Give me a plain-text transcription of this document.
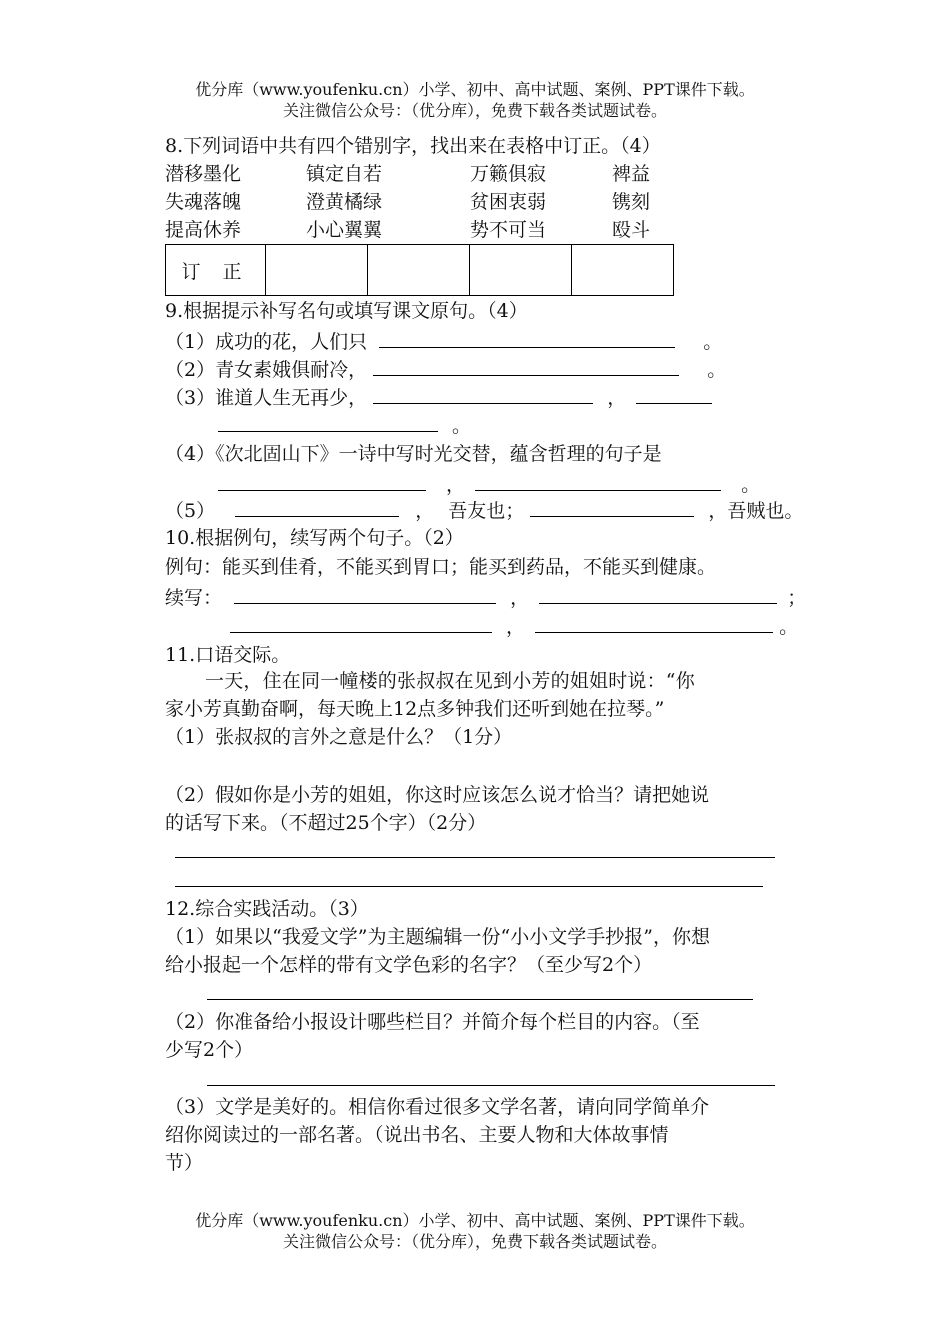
优分库（www.youfenku.cn）小学、初中、高中试题、案例、PPT课件下载。
关注微信公众号：（优分库），免费下载各类试题试卷。
8.下列词语中共有四个错别字，找出来在表格中订正。（4）
潜移墨化	镇定自若	万籁俱寂	裨益
失魂落魄	澄黄橘绿	贫困衷弱	镌刻
提高休养	小心翼翼	势不可当	殴斗
订 正				
9.根据提示补写名句或填写课文原句。（4）
（1）成功的花，人们只	。
（2）青女素娥俱耐冷，	。
（3）谁道人生无再少，	，
。
（4）《次北固山下》一诗中写时光交替，蕴含哲理的句子是
，	。
（5）	， 吾友也；	，吾贼也。
10.根据例句，续写两个句子。（2）
例句：能买到佳肴，不能买到胃口；能买到药品，不能买到健康。
续写：	，	；
，	。
11.口语交际。
一天，住在同一幢楼的张叔叔在见到小芳的姐姐时说：“你
家小芳真勤奋啊，每天晚上12点多钟我们还听到她在拉琴。”
（1）张叔叔的言外之意是什么？（1分）
（2）假如你是小芳的姐姐，你这时应该怎么说才恰当？请把她说
的话写下来。（不超过25个字）（2分）
12.综合实践活动。（3）
（1）如果以“我爱文学”为主题编辑一份“小小文学手抄报”，你想
给小报起一个怎样的带有文学色彩的名字？（至少写2个）
（2）你准备给小报设计哪些栏目？并简介每个栏目的内容。（至
少写2个）
（3）文学是美好的。相信你看过很多文学名著，请向同学简单介
绍你阅读过的一部名著。（说出书名、主要人物和大体故事情
节）
优分库（www.youfenku.cn）小学、初中、高中试题、案例、PPT课件下载。
关注微信公众号：（优分库），免费下载各类试题试卷。
